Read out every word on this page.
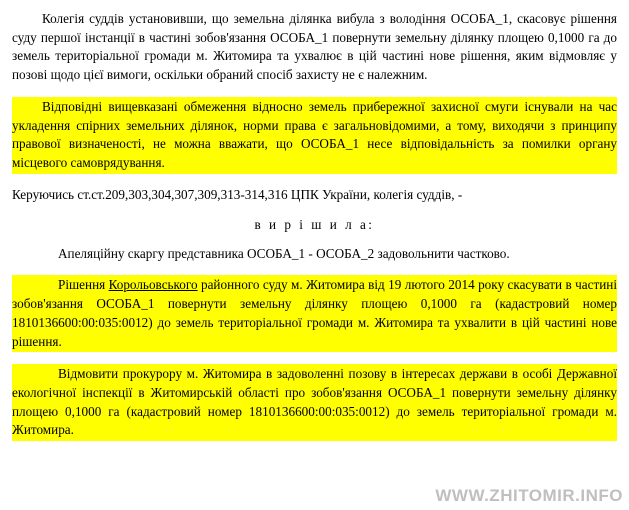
Колегія суддів установивши, що земельна ділянка вибула з володіння ОСОБА_1, скасовує рішення суду першої інстанції в частині зобов'язання ОСОБА_1 повернути земельну ділянку площею 0,1000 га до земель територіальної громади м. Житомира та ухвалює в цій частині нове рішення, яким відмовляє у позові щодо цієї вимоги, оскільки обраний спосіб захисту не є належним.

Відповідні вищевказані обмеження відносно земель прибережної захисної смуги існували на час укладення спірних земельних ділянок, норми права є загальновідомими, а тому, виходячи з принципу правової визначеності, не можна вважати, що ОСОБА_1 несе відповідальність за помилки органу місцевого самоврядування.

Керуючись ст.ст.209,303,304,307,309,313-314,316 ЦПК України, колегія суддів, -

в и р і ш и л а:

Апеляційну скаргу представника ОСОБА_1 - ОСОБА_2 задовольнити частково.

Рішення Корольовського районного суду м. Житомира від 19 лютого 2014 року скасувати в частині зобов'язання ОСОБА_1 повернути земельну ділянку площею 0,1000 га (кадастровий номер 1810136600:00:035:0012) до земель територіальної громади м. Житомира та ухвалити в цій частині нове рішення.

Відмовити прокурору м. Житомира в задоволенні позову в інтересах держави в особі Державної екологічної інспекції в Житомирській області про зобов'язання ОСОБА_1 повернути земельну ділянку площею 0,1000 га (кадастровий номер 1810136600:00:035:0012) до земель територіальної громади м. Житомира.

WWW.ZHITOMIR.INFO
